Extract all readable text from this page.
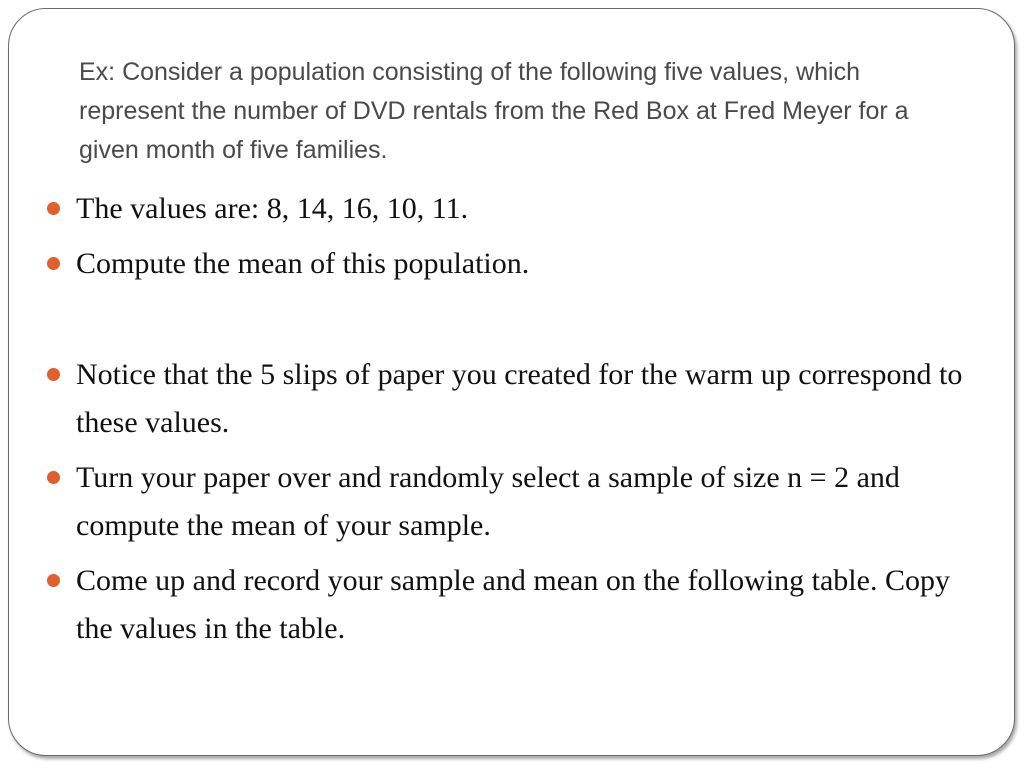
Ex: Consider a population consisting of the following five values, which represent the number of DVD rentals from the Red Box at Fred Meyer for a given month of five families.
The values are: 8, 14, 16, 10, 11.
Compute the mean of this population.
Notice that the 5 slips of paper you created for the warm up correspond to these values.
Turn your paper over and randomly select a sample of size n = 2 and compute the mean of your sample.
Come up and record your sample and mean on the following table. Copy the values in the table.
